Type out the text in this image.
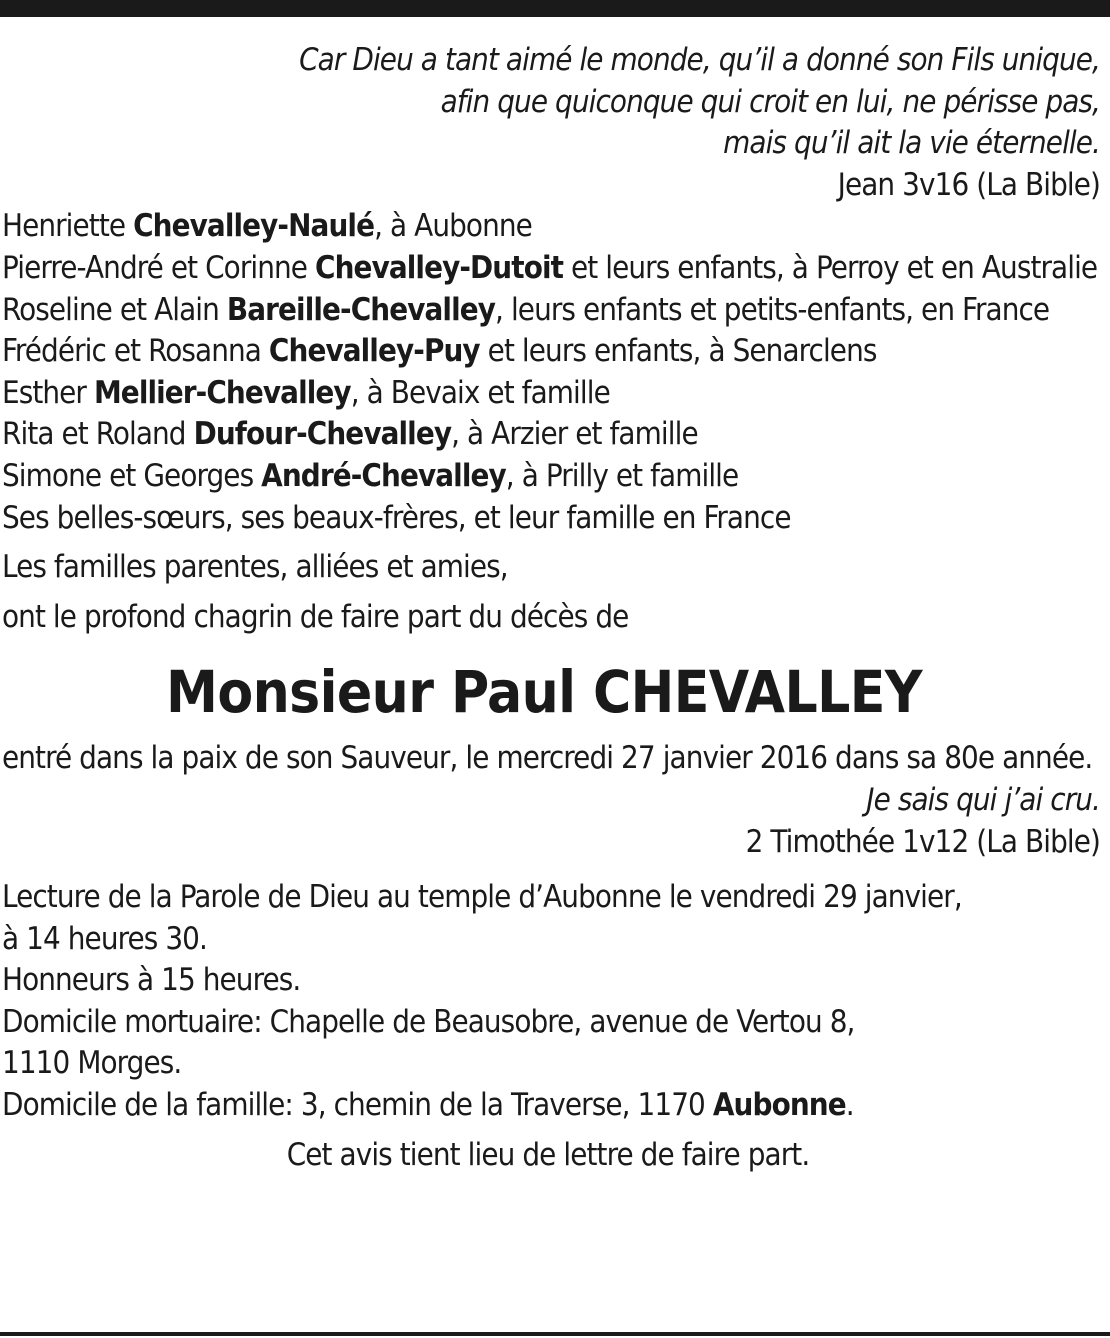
Car Dieu a tant aimé le monde, qu’il a donné son Fils unique,
afin que quiconque qui croit en lui, ne périsse pas,
mais qu’il ait la vie éternelle.
Jean 3v16 (La Bible)

Henriette Chevalley-Naulé, à Aubonne

Pierre-André et Corinne Chevalley-Dutoit et leurs enfants, à Perroy et en Australie

Roseline et Alain Bareille-Chevalley, leurs enfants et petits-enfants, en France

Frédéric et Rosanna Chevalley-Puy et leurs enfants, à Senarclens

Esther Mellier-Chevalley, à Bevaix et famille

Rita et Roland Dufour-Chevalley, à Arzier et famille

Simone et Georges André-Chevalley, à Prilly et famille

Ses belles-sœurs, ses beaux-frères, et leur famille en France

Les familles parentes, alliées et amies,

ont le profond chagrin de faire part du décès de

Monsieur Paul CHEVALLEY

entré dans la paix de son Sauveur, le mercredi 27 janvier 2016 dans sa 80e année.

Je sais qui j’ai cru.
2 Timothée 1v12 (La Bible)

Lecture de la Parole de Dieu au temple d’Aubonne le vendredi 29 janvier,

à 14 heures 30.

Honneurs à 15 heures.

Domicile mortuaire: Chapelle de Beausobre, avenue de Vertou 8,

1110 Morges.

Domicile de la famille: 3, chemin de la Traverse, 1170 Aubonne.

Cet avis tient lieu de lettre de faire part.
